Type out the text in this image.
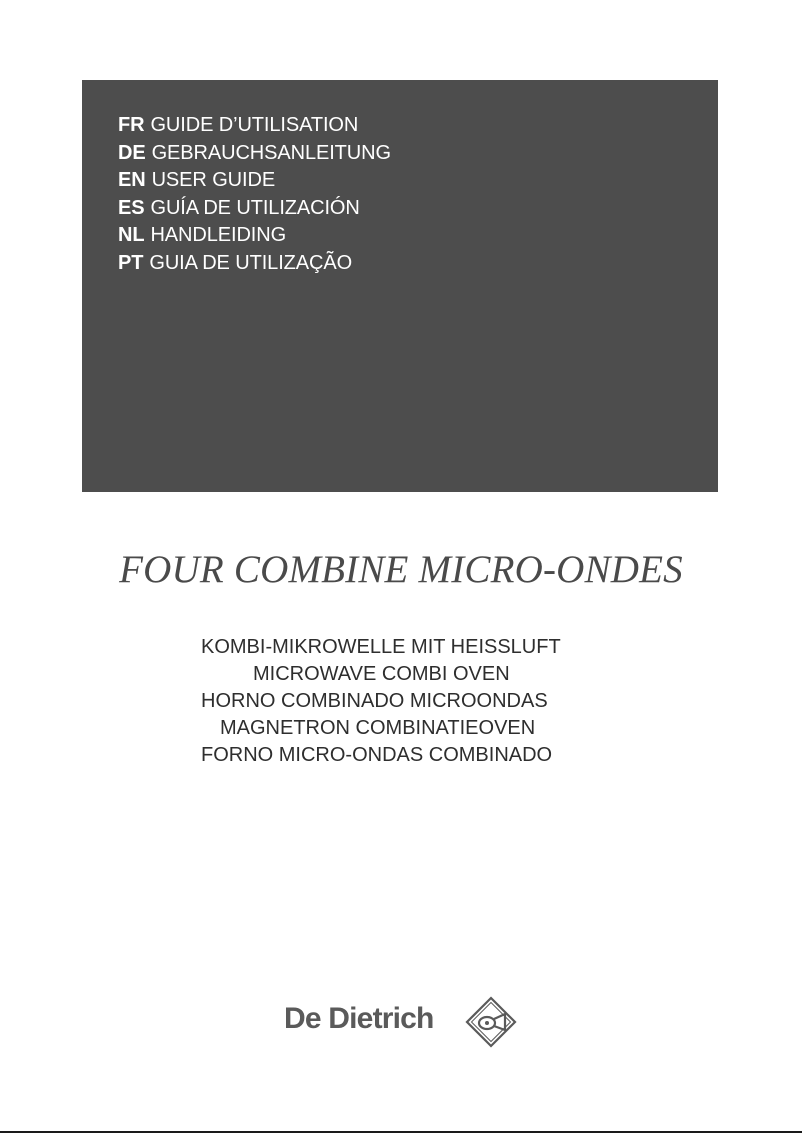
FR GUIDE D’UTILISATION
DE GEBRAUCHSANLEITUNG
EN USER GUIDE
ES GUÍA DE UTILIZACIÓN
NL HANDLEIDING
PT GUIA DE UTILIZAÇÃO
FOUR COMBINE MICRO-ONDES
KOMBI-MIKROWELLE MIT HEISSLUFT
MICROWAVE COMBI OVEN
HORNO COMBINADO MICROONDAS
MAGNETRON COMBINATIEOVEN
FORNO MICRO-ONDAS COMBINADO
De Dietrich
